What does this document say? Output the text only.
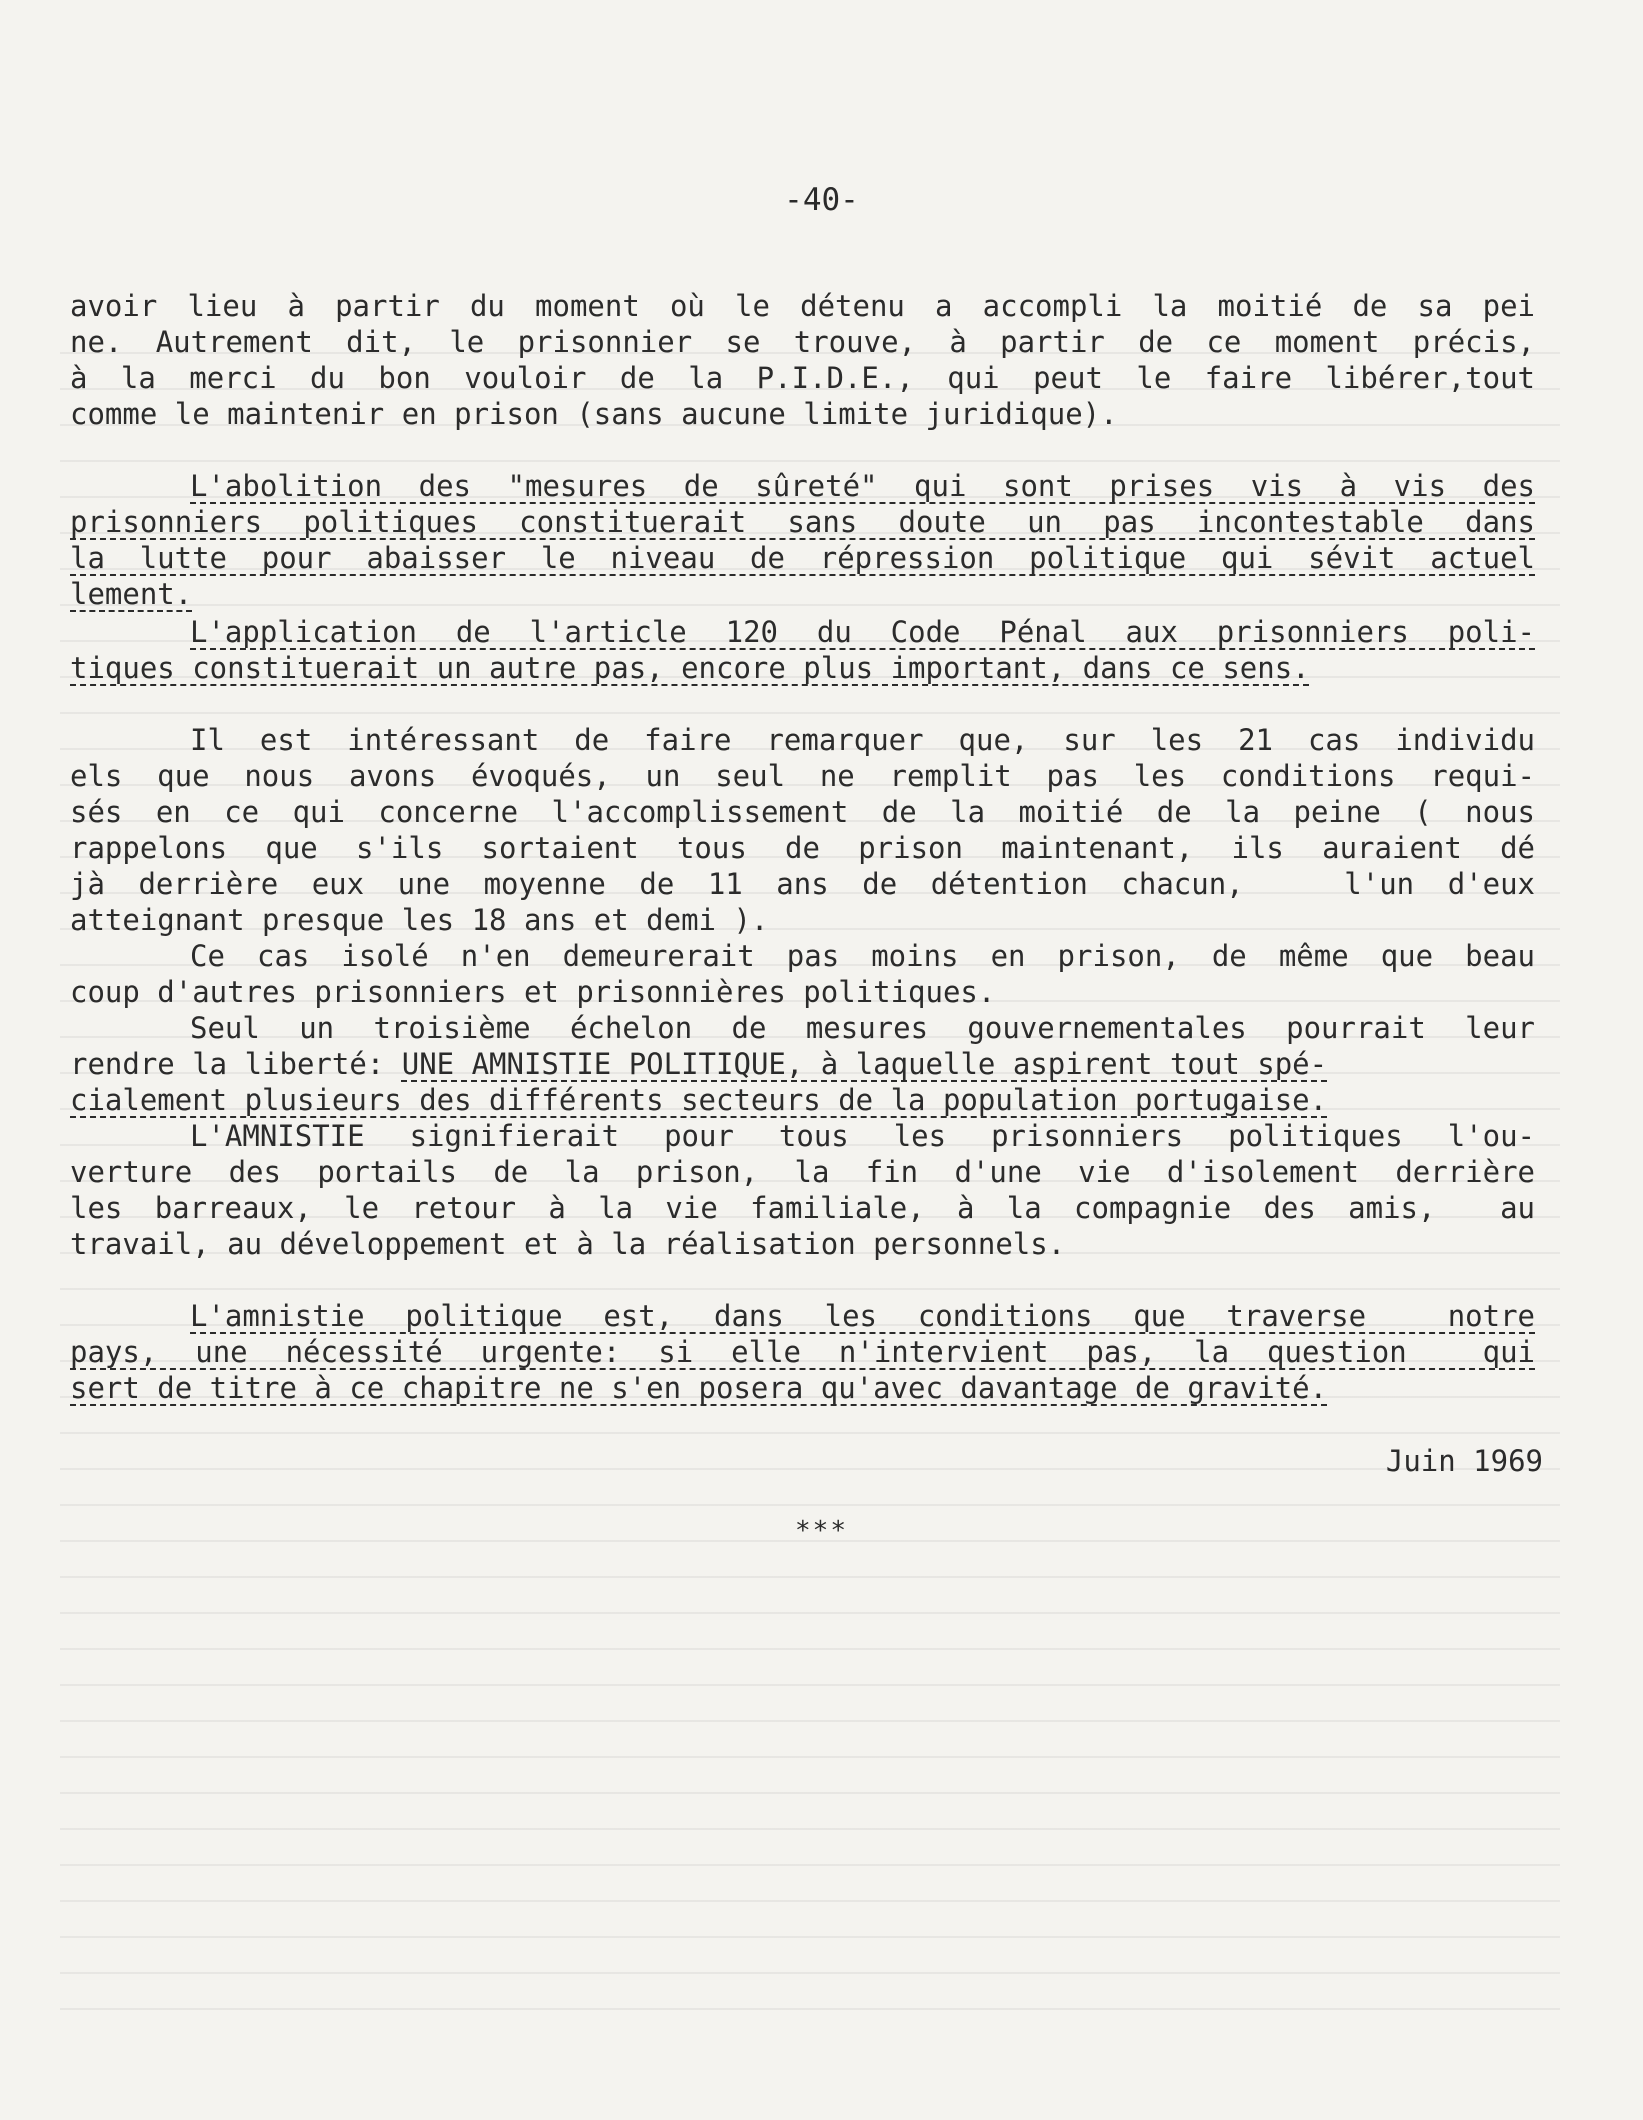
-40-
avoir lieu à partir du moment où le détenu a accompli la moitié de sa pei
ne. Autrement dit, le prisonnier se trouve, à partir de ce moment précis,
à la merci du bon vouloir de la P.I.D.E., qui peut le faire libérer,tout
comme le maintenir en prison (sans aucune limite juridique).
L'abolition des "mesures de sûreté" qui sont prises vis à vis des
prisonniers politiques constituerait sans doute un pas incontestable dans
la lutte pour abaisser le niveau de répression politique qui sévit actuel
lement.
L'application de l'article 120 du Code Pénal aux prisonniers poli-
tiques constituerait un autre pas, encore plus important, dans ce sens.
Il est intéressant de faire remarquer que, sur les 21 cas individu
els que nous avons évoqués, un seul ne remplit pas les conditions requi-
sés en ce qui concerne l'accomplissement de la moitié de la peine ( nous
rappelons que s'ils sortaient tous de prison maintenant, ils auraient dé
jà derrière eux une moyenne de 11 ans de détention chacun,   l'un d'eux
atteignant presque les 18 ans et demi ).
Ce cas isolé n'en demeurerait pas moins en prison, de même que beau
coup d'autres prisonniers et prisonnières politiques.
Seul un troisième échelon de mesures gouvernementales pourrait leur
rendre la liberté: UNE AMNISTIE POLITIQUE, à laquelle aspirent tout spé-
cialement plusieurs des différents secteurs de la population portugaise.
L'AMNISTIE signifierait pour tous les prisonniers politiques l'ou-
verture des portails de la prison, la fin d'une vie d'isolement derrière
les barreaux, le retour à la vie familiale, à la compagnie des amis,  au
travail, au développement et à la réalisation personnels.
L'amnistie politique est, dans les conditions que traverse  notre
pays, une nécessité urgente: si elle n'intervient pas, la question  qui
sert de titre à ce chapitre ne s'en posera qu'avec davantage de gravité.
Juin 1969
***
